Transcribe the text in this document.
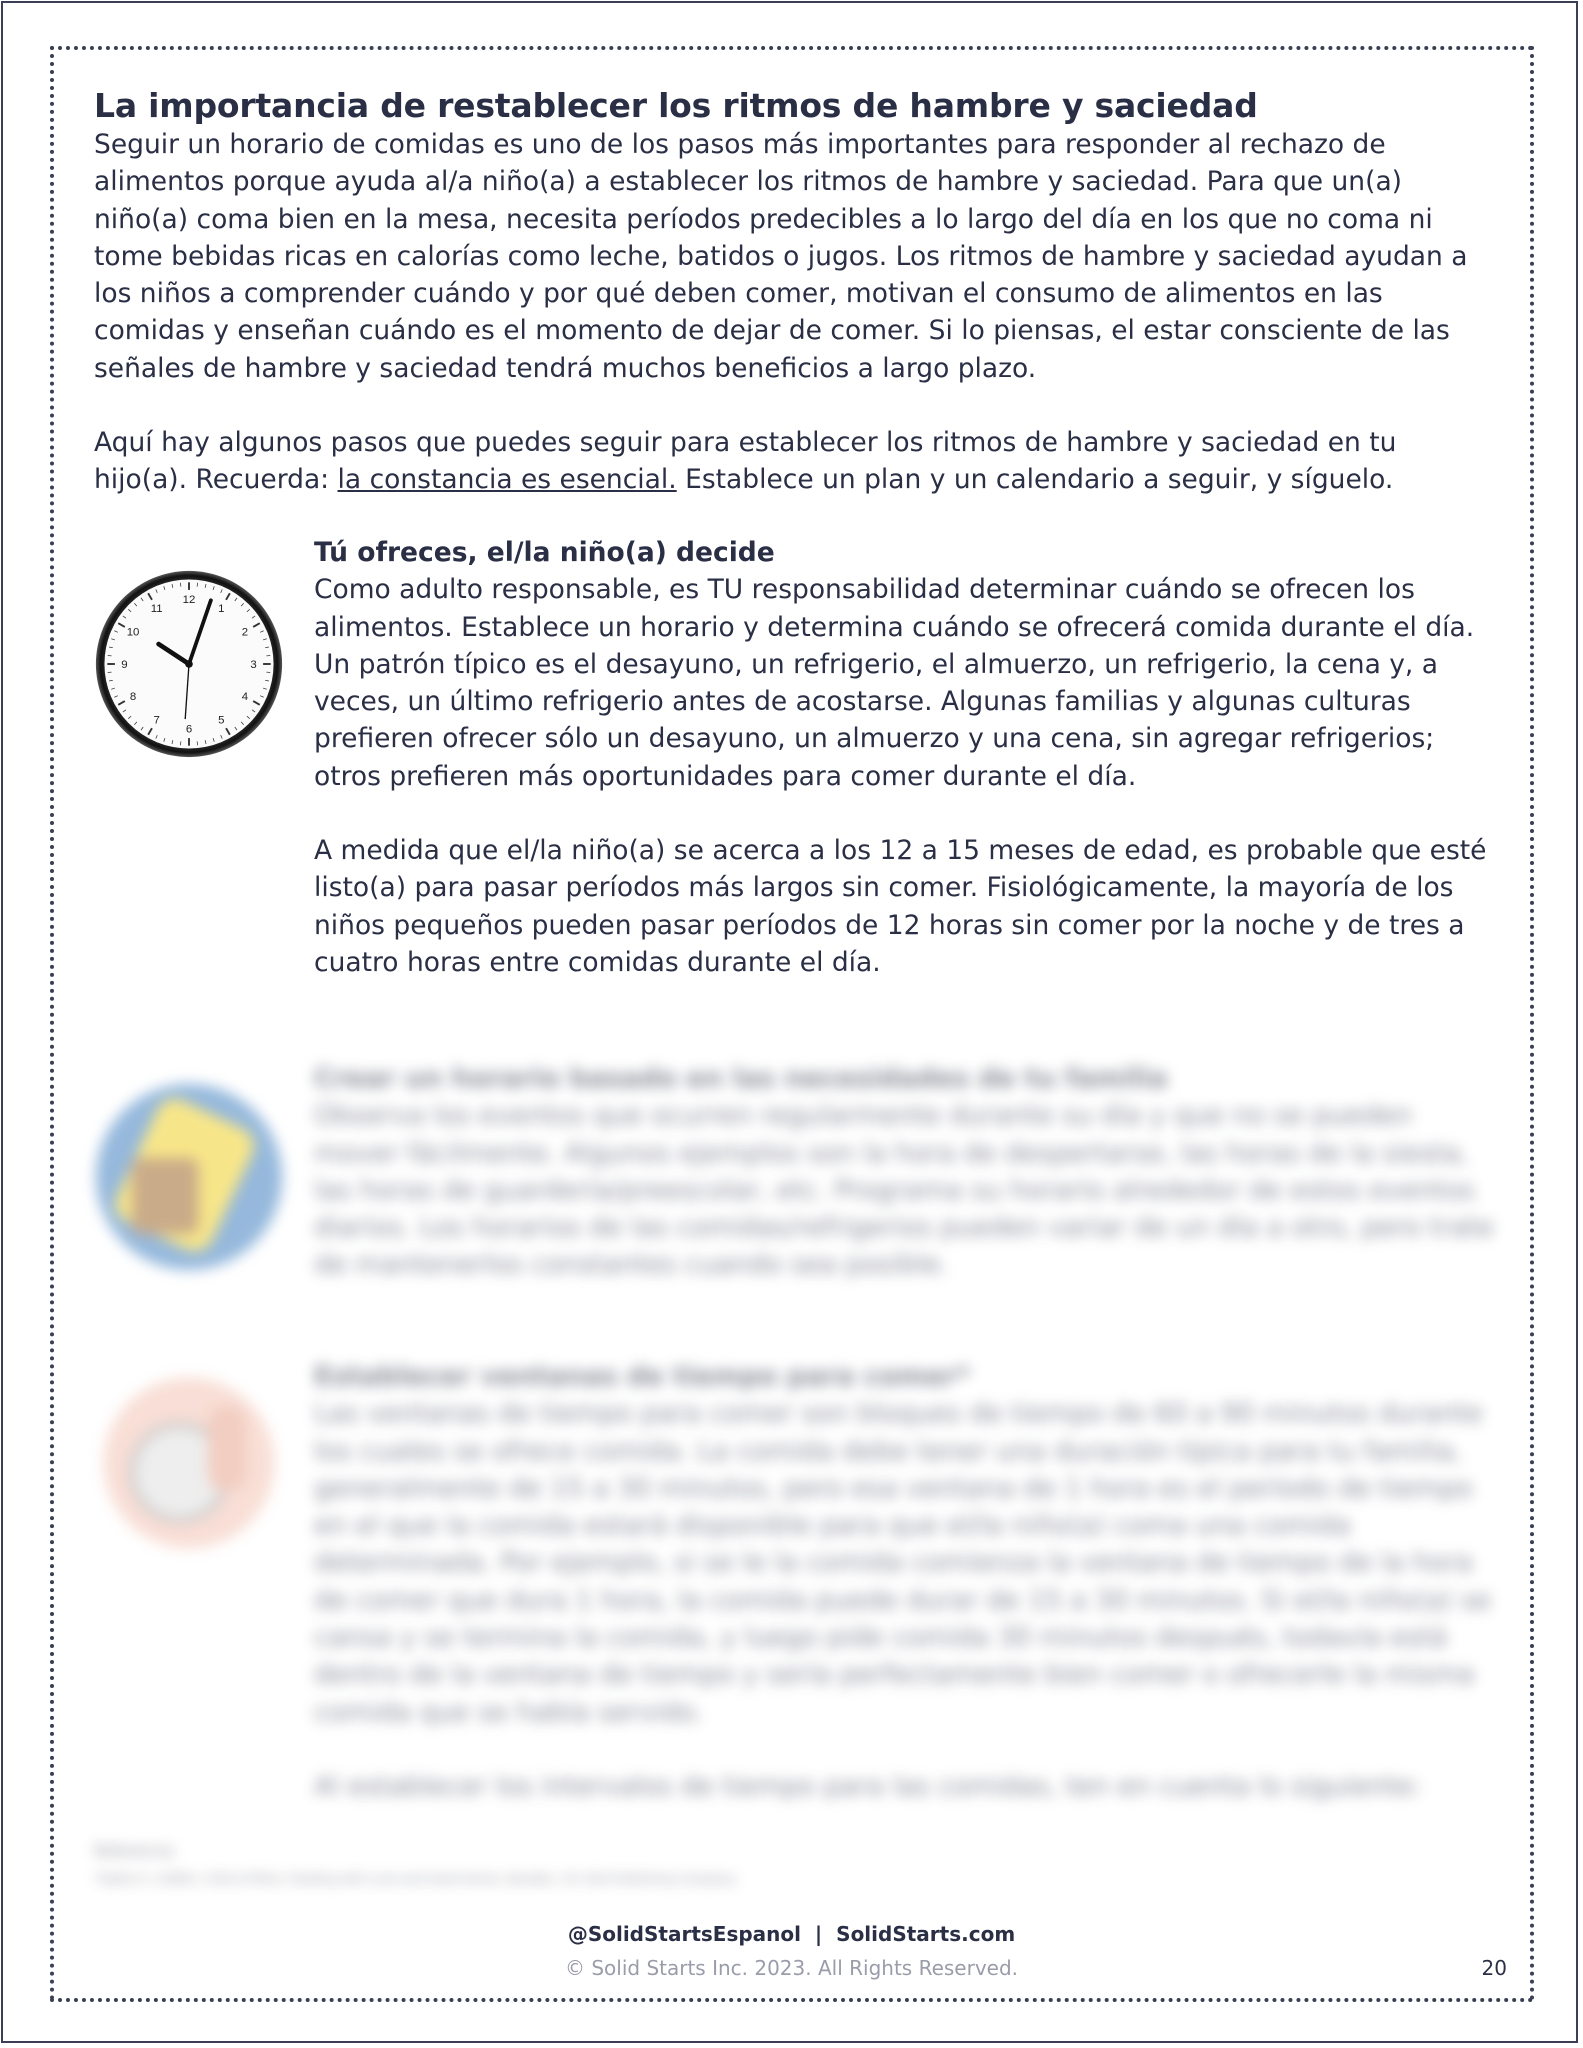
La importancia de restablecer los ritmos de hambre y saciedad

Seguir un horario de comidas es uno de los pasos más importantes para responder al rechazo de alimentos porque ayuda al/a niño(a) a establecer los ritmos de hambre y saciedad. Para que un(a) niño(a) coma bien en la mesa, necesita períodos predecibles a lo largo del día en los que no coma ni tome bebidas ricas en calorías como leche, batidos o jugos. Los ritmos de hambre y saciedad ayudan a los niños a comprender cuándo y por qué deben comer, motivan el consumo de alimentos en las comidas y enseñan cuándo es el momento de dejar de comer. Si lo piensas, el estar consciente de las señales de hambre y saciedad tendrá muchos beneficios a largo plazo.

Aquí hay algunos pasos que puedes seguir para establecer los ritmos de hambre y saciedad en tu hijo(a). Recuerda: la constancia es esencial. Establece un plan y un calendario a seguir, y síguelo.

12
1
2
3
4
5
6
7
8
9
10
11

Tú ofreces, el/la niño(a) decide

Como adulto responsable, es TU responsabilidad determinar cuándo se ofrecen los alimentos. Establece un horario y determina cuándo se ofrecerá comida durante el día. Un patrón típico es el desayuno, un refrigerio, el almuerzo, un refrigerio, la cena y, a veces, un último refrigerio antes de acostarse. Algunas familias y algunas culturas prefieren ofrecer sólo un desayuno, un almuerzo y una cena, sin agregar refrigerios; otros prefieren más oportunidades para comer durante el día.

A medida que el/la niño(a) se acerca a los 12 a 15 meses de edad, es probable que esté listo(a) para pasar períodos más largos sin comer. Fisiológicamente, la mayoría de los niños pequeños pueden pasar períodos de 12 horas sin comer por la noche y de tres a cuatro horas entre comidas durante el día.

Crear un horario basado en las necesidades de tu familia

Observa los eventos que ocurren regularmente durante su día y que no se pueden mover fácilmente. Algunos ejemplos son la hora de despertarse, las horas de la siesta, las horas de guardería/preescolar, etc. Programa su horario alrededor de estos eventos diarios. Los horarios de las comidas/refrigerios pueden variar de un día a otro, pero trate de mantenerlos constantes cuando sea posible.

Establecer ventanas de tiempo para comer*

Las ventanas de tiempo para comer son bloques de tiempo de 60 a 90 minutos durante los cuales se ofrece comida. La comida debe tener una duración típica para tu familia, generalmente de 15 a 30 minutos, pero esa ventana de 1 hora es el período de tiempo en el que la comida estará disponible para que el/la niño(a) coma una comida determinada. Por ejemplo, si se le la comida comienza la ventana de tiempo de la hora de comer que dura 1 hora, la comida puede durar de 15 a 30 minutos. Si el/la niño(a) se cansa y se termina la comida, y luego pide comida 30 minutos después, todavía está dentro de la ventana de tiempo y sería perfectamente bien comer o ofrecerle la misma comida que se había servido.

Al establecer los intervalos de tiempo para las comidas, ten en cuenta lo siguiente:

Referencia
*Satter E. (2000). Child of Mine: Feeding with Love and Good Sense. Boulder, CO: Bull Publishing Company.
@SolidStartsEspanol  |  SolidStarts.com
© Solid Starts Inc. 2023. All Rights Reserved.	20
